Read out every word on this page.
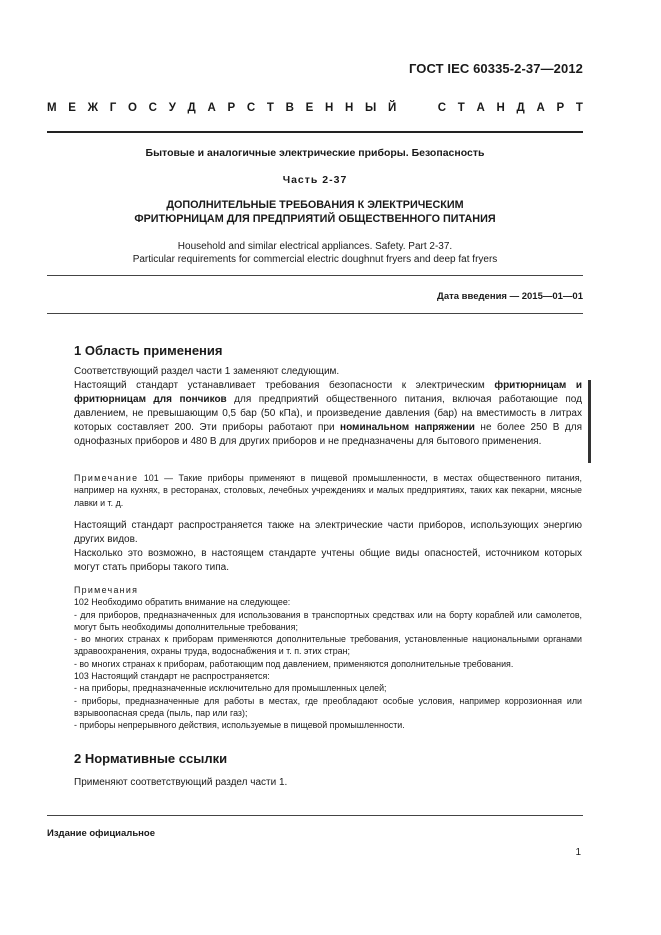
ГОСТ IEC 60335-2-37—2012
М Е Ж Г О С У Д А Р С Т В Е Н Н Ы Й

	С Т А Н Д А Р Т
Бытовые и аналогичные электрические приборы. Безопасность
Часть 2-37
ДОПОЛНИТЕЛЬНЫЕ ТРЕБОВАНИЯ К ЭЛЕКТРИЧЕСКИМ
ФРИТЮРНИЦАМ ДЛЯ ПРЕДПРИЯТИЙ ОБЩЕСТВЕННОГО ПИТАНИЯ
Household and similar electrical appliances. Safety. Part 2-37.
Particular requirements for commercial electric doughnut fryers and deep fat fryers
Дата введения — 2015—01—01
1 Область применения
Соответствующий раздел части 1 заменяют следующим.
Настоящий стандарт устанавливает требования безопасности к электрическим фритюрницам и фритюрницам для пончиков для предприятий общественного питания, включая работающие под давлением, не превышающим 0,5 бар (50 кПа), и произведение давления (бар) на вместимость в литрах которых составляет 200. Эти приборы работают при номинальном напряжении не более 250 В для однофазных приборов и 480 В для других приборов и не предназначены для бытового применения.
Примечание 101 — Такие приборы применяют в пищевой промышленности, в местах общественного питания, например на кухнях, в ресторанах, столовых, лечебных учреждениях и малых предприятиях, таких как пекарни, мясные лавки и т. д.
Настоящий стандарт распространяется также на электрические части приборов, использующих энергию других видов.
Насколько это возможно, в настоящем стандарте учтены общие виды опасностей, источником которых могут стать приборы такого типа.
Примечания
102 Необходимо обратить внимание на следующее:
- для приборов, предназначенных для использования в транспортных средствах или на борту кораблей или самолетов, могут быть необходимы дополнительные требования;
- во многих странах к приборам применяются дополнительные требования, установленные национальными органами здравоохранения, охраны труда, водоснабжения и т. п. этих стран;
- во многих странах к приборам, работающим под давлением, применяются дополнительные требования.
103 Настоящий стандарт не распространяется:
- на приборы, предназначенные исключительно для промышленных целей;
- приборы, предназначенные для работы в местах, где преобладают особые условия, например коррозионная или взрывоопасная среда (пыль, пар или газ);
- приборы непрерывного действия, используемые в пищевой промышленности.
2 Нормативные ссылки
Применяют соответствующий раздел части 1.
Издание официальное
1
